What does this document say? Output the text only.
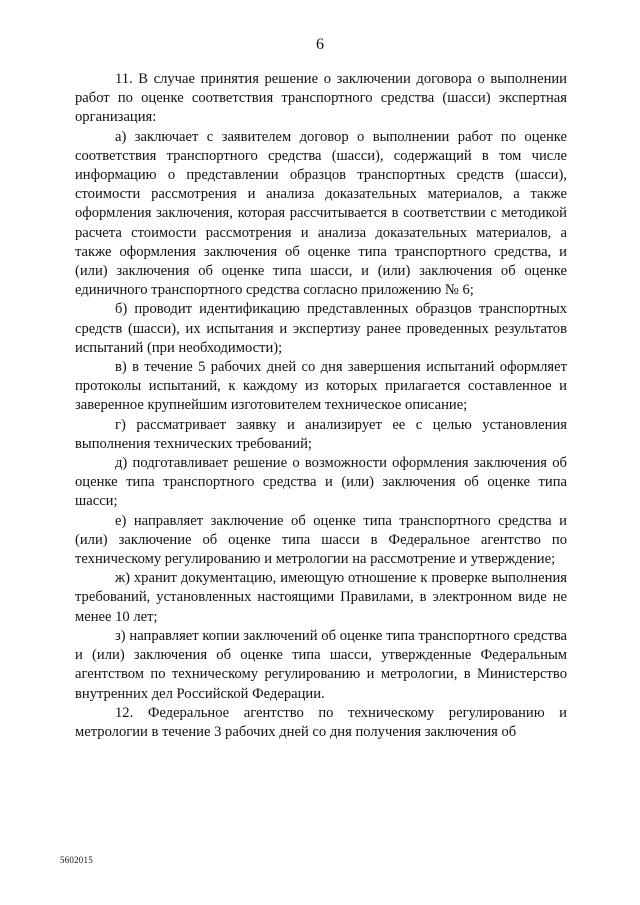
6

11. В случае принятия решение о заключении договора о выполнении работ по оценке соответствия транспортного средства (шасси) экспертная организация:

а) заключает с заявителем договор о выполнении работ по оценке соответствия транспортного средства (шасси), содержащий в том числе информацию о представлении образцов транспортных средств (шасси), стоимости рассмотрения и анализа доказательных материалов, а также оформления заключения, которая рассчитывается в соответствии с методикой расчета стоимости рассмотрения и анализа доказательных материалов, а также оформления заключения об оценке типа транспортного средства, и (или) заключения об оценке типа шасси, и (или) заключения об оценке единичного транспортного средства согласно приложению № 6;

б) проводит идентификацию представленных образцов транспортных средств (шасси), их испытания и экспертизу ранее проведенных результатов испытаний (при необходимости);

в) в течение 5 рабочих дней со дня завершения испытаний оформляет протоколы испытаний, к каждому из которых прилагается составленное и заверенное крупнейшим изготовителем техническое описание;

г) рассматривает заявку и анализирует ее с целью установления выполнения технических требований;

д) подготавливает решение о возможности оформления заключения об оценке типа транспортного средства и (или) заключения об оценке типа шасси;

е) направляет заключение об оценке типа транспортного средства и (или) заключение об оценке типа шасси в Федеральное агентство по техническому регулированию и метрологии на рассмотрение и утверждение;

ж) хранит документацию, имеющую отношение к проверке выполнения требований, установленных настоящими Правилами, в электронном виде не менее 10 лет;

з) направляет копии заключений об оценке типа транспортного средства и (или) заключения об оценке типа шасси, утвержденные Федеральным агентством по техническому регулированию и метрологии, в Министерство внутренних дел Российской Федерации.

12. Федеральное агентство по техническому регулированию и метрологии в течение 3 рабочих дней со дня получения заключения об

5602015
